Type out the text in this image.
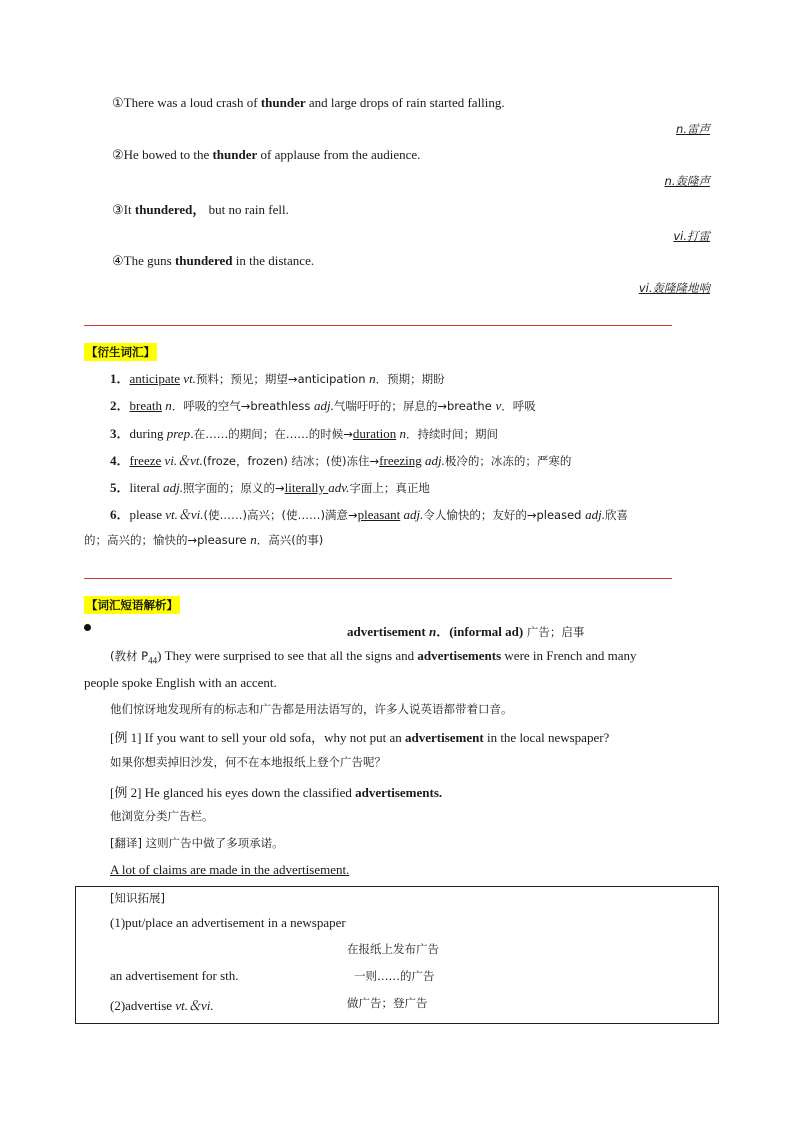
①There was a loud crash of thunder and large drops of rain started falling.
n.雷声
②He bowed to the thunder of applause from the audience.
n.轰隆声
③It thundered， but no rain fell.
vi.打雷
④The guns thundered in the distance.
vi.轰隆隆地响
【衍生词汇】
1．anticipate vt.预料；预见；期望→anticipation n．预期；期盼
2．breath n．呼吸的空气→breathless adj.气喘吁吁的；屏息的→breathe v．呼吸
3．during prep.在……的期间；在……的时候→duration n．持续时间；期间
4．freeze vi.＆vt.(froze，frozen) 结冰；(使)冻住→freezing adj.极冷的；冰冻的；严寒的
5．literal adj.照字面的；原义的→literally adv.字面上；真正地
6．please vt.＆vi.(使……)高兴；(使……)满意→pleasant adj.令人愉快的；友好的→pleased adj.欣喜
的；高兴的；愉快的→pleasure n．高兴(的事)
【词汇短语解析】
advertisement n．(informal ad) 广告；启事
(教材 $P_{44}$) They were surprised to see that all the signs and advertisements were in French and many
people spoke English with an accent.
他们惊讶地发现所有的标志和广告都是用法语写的，许多人说英语都带着口音。
[例 1] If you want to sell your old sofa，why not put an advertisement in the local newspaper?
如果你想卖掉旧沙发，何不在本地报纸上登个广告呢？
[例 2] He glanced his eyes down the classified advertisements.
他浏览分类广告栏。
[翻译] 这则广告中做了多项承诺。
A lot of claims are made in the advertisement.
[知识拓展]
(1)put/place an advertisement in a newspaper
在报纸上发布广告
an advertisement for sth.	一则……的广告
(2)advertise vt.＆vi.	做广告；登广告
